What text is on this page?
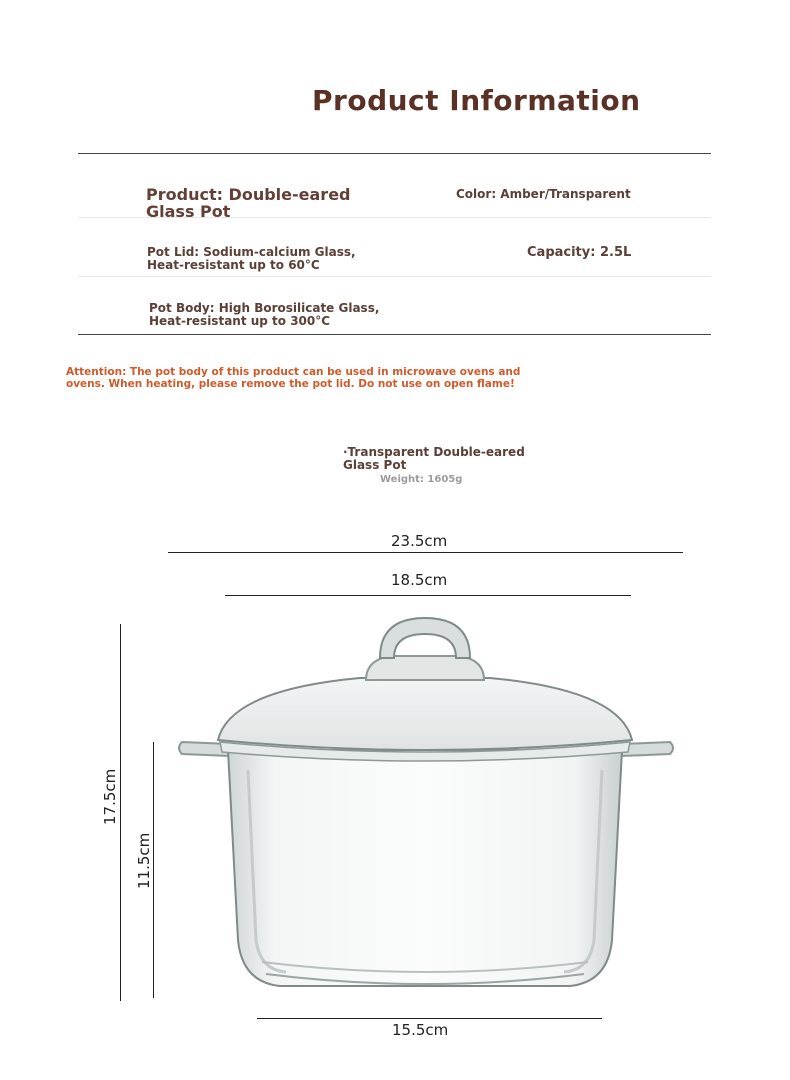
Product Information
Product: Double-eared
Glass Pot
Color: Amber/Transparent
Pot Lid: Sodium-calcium Glass,
Heat-resistant up to 60°C
Capacity: 2.5L
Pot Body: High Borosilicate Glass,
Heat-resistant up to 300°C
Attention: The pot body of this product can be used in microwave ovens and
ovens. When heating, please remove the pot lid. Do not use on open flame!
·Transparent Double-eared
Glass Pot
Weight: 1605g
23.5cm
18.5cm
17.5cm
11.5cm
15.5cm
